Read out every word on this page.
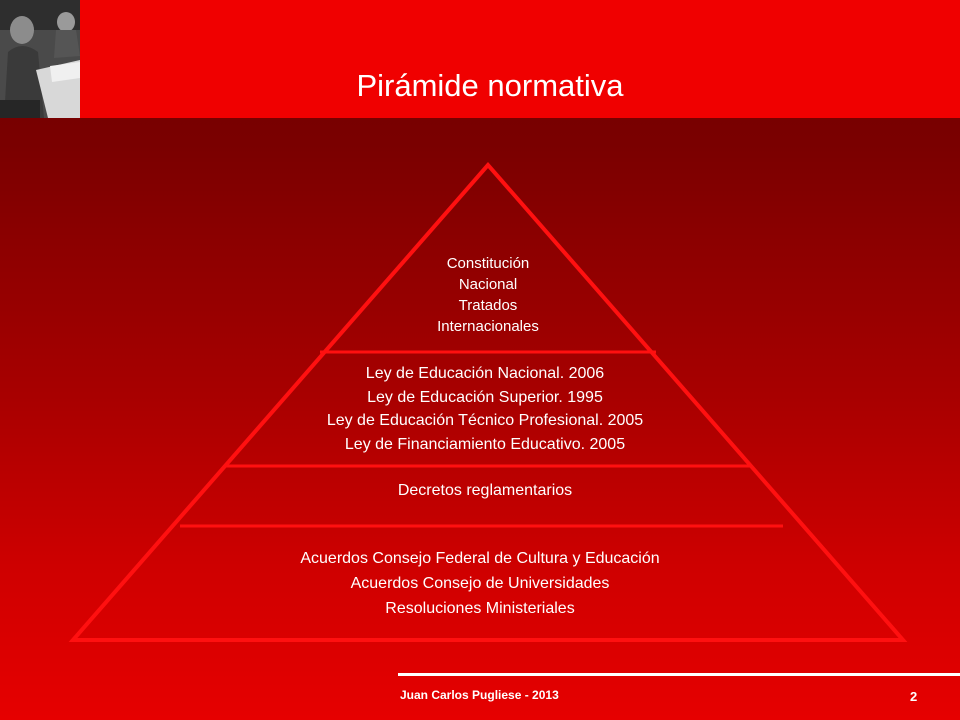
Pirámide normativa
Constitución
Nacional
Tratados
Internacionales
Ley de Educación Nacional. 2006
Ley de Educación Superior. 1995
Ley de Educación Técnico Profesional. 2005
Ley de Financiamiento Educativo. 2005
Decretos reglamentarios
Acuerdos Consejo Federal de Cultura y Educación
Acuerdos Consejo de Universidades
Resoluciones Ministeriales
Juan Carlos Pugliese - 2013	2
